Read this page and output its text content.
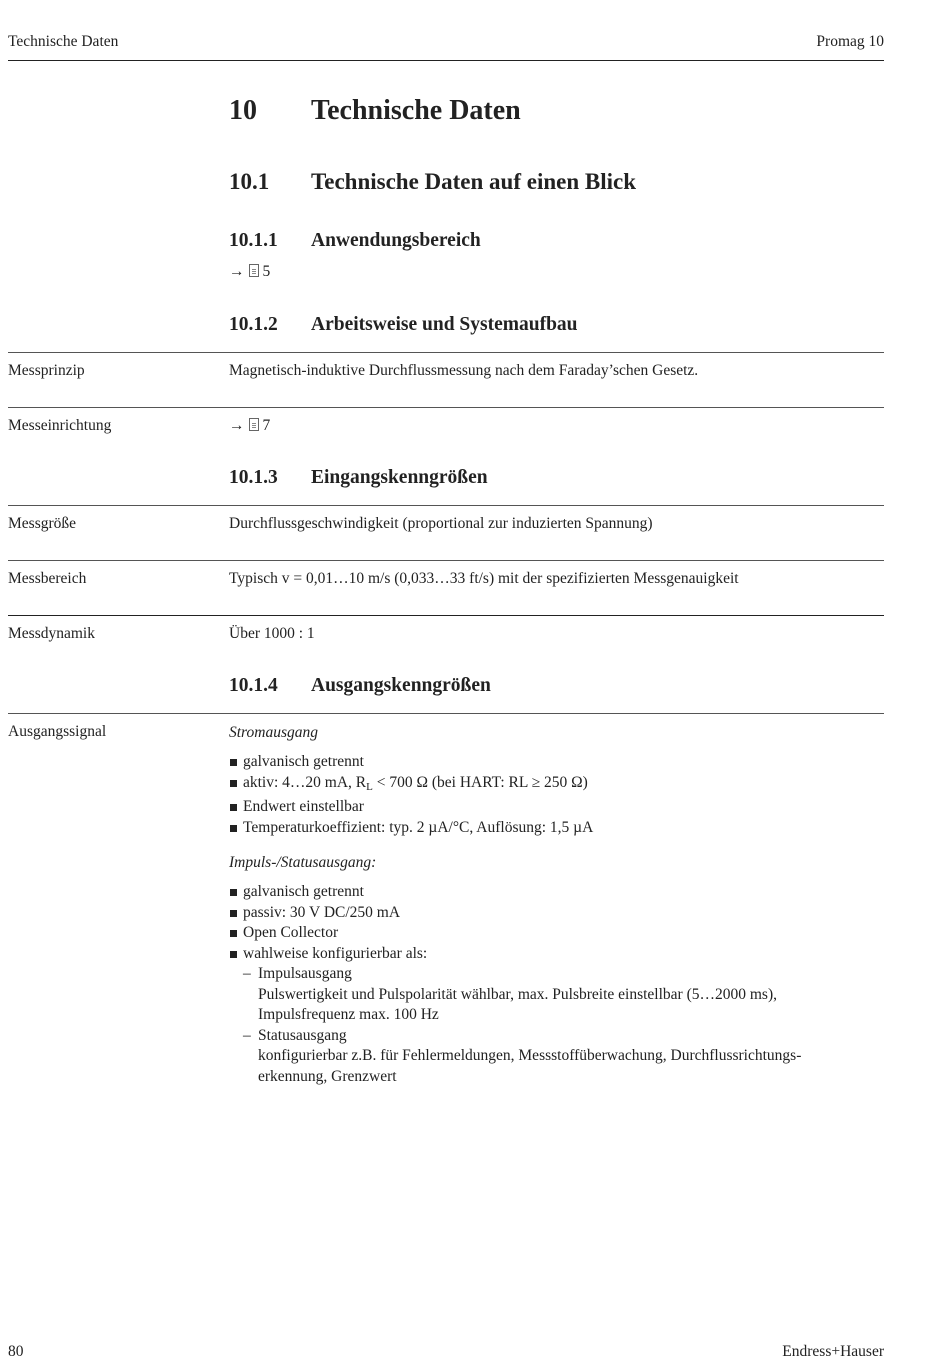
Technische Daten	Promag 10
10 Technische Daten
10.1 Technische Daten auf einen Blick
10.1.1 Anwendungsbereich
→ 5
10.1.2 Arbeitsweise und Systemaufbau
Messprinzip	Magnetisch-induktive Durchflussmessung nach dem Faraday’schen Gesetz.
Messeinrichtung	→ 7
10.1.3 Eingangskenngrößen
Messgröße	Durchflussgeschwindigkeit (proportional zur induzierten Spannung)
Messbereich	Typisch v = 0,01…10 m/s (0,033…33 ft/s) mit der spezifizierten Messgenauigkeit
Messdynamik	Über 1000 : 1
10.1.4 Ausgangskenngrößen
Ausgangssignal	Stromausgang
galvanisch getrennt
aktiv: 4…20 mA, $R_L < 700$ Ω (bei HART: RL ≥ 250 Ω)
Endwert einstellbar
Temperaturkoeffizient: typ. 2 µA/°C, Auflösung: 1,5 µA
Impuls-/Statusausgang:
galvanisch getrennt
passiv: 30 V DC/250 mA
Open Collector
wahlweise konfigurierbar als:
– Impulsausgang
Pulswertigkeit und Pulspolarität wählbar, max. Pulsbreite einstellbar (5…2000 ms),
Impulsfrequenz max. 100 Hz
– Statusausgang
konfigurierbar z.B. für Fehlermeldungen, Messstoffüberwachung, Durchflussrichtungs-
erkennung, Grenzwert
80	Endress+Hauser
